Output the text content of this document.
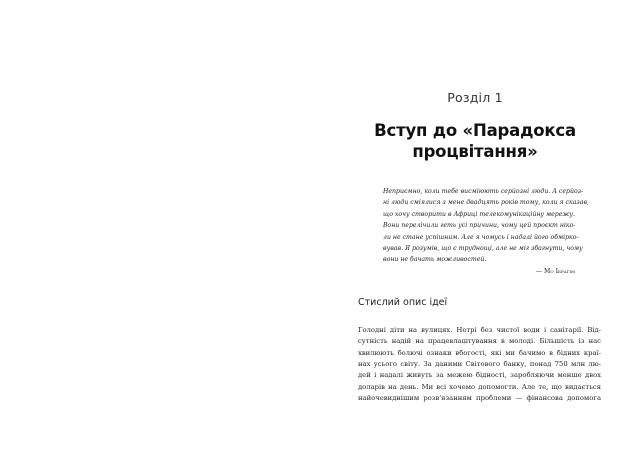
Розділ 1
Вступ до «Парадокса
процвітання»
Неприємно, коли тебе висміюють серйозні люди. А серйоз-
ні люди сміялися з мене двадцять років тому, коли я сказав,
що хочу створити в Африці телекомунікаційну мережу.
Вони перелічили геть усі причини, чому цей проєкт ніко-
ли не стане успішним. Але я чомусь і надалі його обмірко-
вував. Я розумів, що є труднощі, але не міг збагнути, чому
вони не бачать можливостей.
— Мо Ібрагім
Стислий опис ідеї
Голодні діти на вулицях. Нетрі без чистої води і санітарії. Від-
сутність надій на працевлаштування в молоді. Більшість із нас
хвилюють болючі ознаки вбогості, які ми бачимо в бідних краї-
нах усього світу. За даними Світового банку, понад 750 млн лю-
дей і надалі живуть за межею бідності, заробляючи менше двох
доларів на день. Ми всі хочемо допомогти. Але те, що видається
найочевиднішим розв'язанням проблеми — фінансова допомога
